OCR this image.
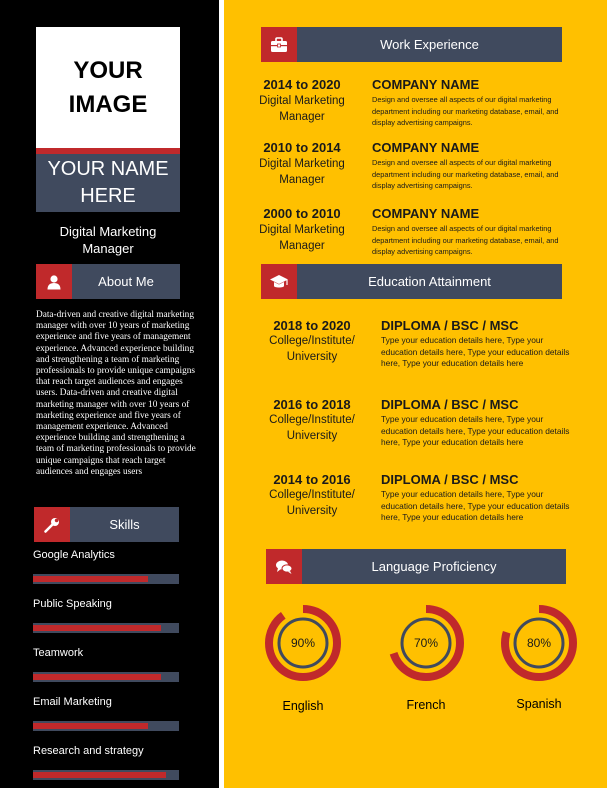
YOUR
IMAGE
YOUR NAME
HERE
Digital Marketing
Manager
About Me
Data-driven and creative digital marketing manager with over 10 years of marketing experience and five years of management experience. Advanced experience building and strengthening a team of marketing professionals to provide unique campaigns that reach target audiences and engages users. Data-driven and creative digital marketing manager with over 10 years of marketing experience and five years of management experience. Advanced experience building and strengthening a team of marketing professionals to provide unique campaigns that reach target audiences and engages users
Skills
Google Analytics
Public Speaking
Teamwork
Email Marketing
Research and strategy
Work Experience
2014 to 2020
Digital Marketing
Manager
COMPANY NAME
Design and oversee all aspects of our digital marketing department including our marketing database, email, and display advertising campaigns.
2010 to 2014
Digital Marketing
Manager
COMPANY NAME
Design and oversee all aspects of our digital marketing department including our marketing database, email, and display advertising campaigns.
2000 to 2010
Digital Marketing
Manager
COMPANY NAME
Design and oversee all aspects of our digital marketing department including our marketing database, email, and display advertising campaigns.
Education Attainment
2018 to 2020
College/Institute/
University
DIPLOMA / BSC / MSC
Type your education details here, Type your education details here, Type your education details here, Type your education details here
2016 to 2018
College/Institute/
University
DIPLOMA / BSC / MSC
Type your education details here, Type your education details here, Type your education details here, Type your education details here
2014 to 2016
College/Institute/
University
DIPLOMA / BSC / MSC
Type your education details here, Type your education details here, Type your education details here, Type your education details here
Language Proficiency
90%
English
70%
French
80%
Spanish
